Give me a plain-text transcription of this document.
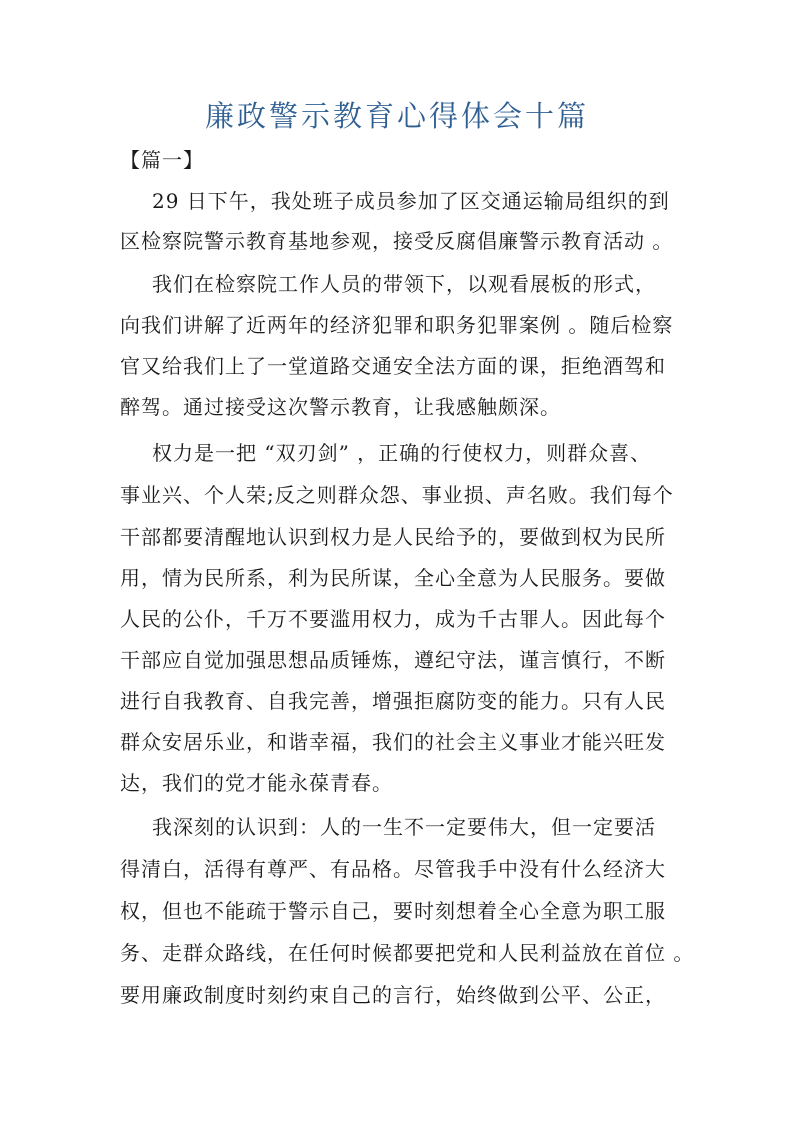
廉政警示教育心得体会十篇
【篇一】
29 日下午，我处班子成员参加了区交通运输局组织的到
区检察院警示教育基地参观，接受反腐倡廉警示教育活动 。
我们在检察院工作人员的带领下，以观看展板的形式，
向我们讲解了近两年的经济犯罪和职务犯罪案例 。随后检察
官又给我们上了一堂道路交通安全法方面的课，拒绝酒驾和
醉驾。通过接受这次警示教育，让我感触颇深。
权力是一把 “双刃剑” ，正确的行使权力，则群众喜、
事业兴、个人荣;反之则群众怨、事业损、声名败。我们每个
干部都要清醒地认识到权力是人民给予的，要做到权为民所
用，情为民所系，利为民所谋，全心全意为人民服务。要做
人民的公仆，千万不要滥用权力，成为千古罪人。因此每个
干部应自觉加强思想品质锤炼，遵纪守法，谨言慎行，不断
进行自我教育、自我完善，增强拒腐防变的能力。只有人民
群众安居乐业，和谐幸福，我们的社会主义事业才能兴旺发
达，我们的党才能永葆青春。
我深刻的认识到：人的一生不一定要伟大，但一定要活
得清白，活得有尊严、有品格。尽管我手中没有什么经济大
权，但也不能疏于警示自己，要时刻想着全心全意为职工服
务、走群众路线，在任何时候都要把党和人民利益放在首位 。
要用廉政制度时刻约束自己的言行，始终做到公平、公正，
